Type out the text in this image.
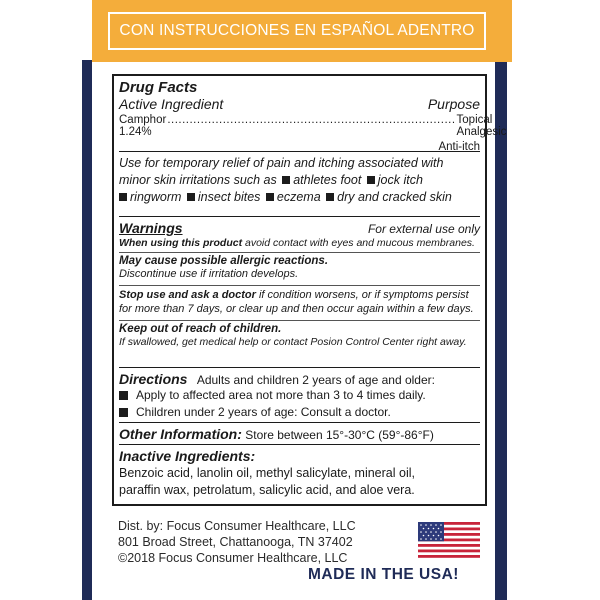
CON INSTRUCCIONES EN ESPAÑOL ADENTRO
Drug Facts
Active Ingredient	Purpose
Camphor 1.24%
.............................................................................. Topical Analgesic
Anti-itch
Use for temporary relief of pain and itching associated with
minor skin irritations such as athletes foot jock itch
ringworm insect bites eczema dry and cracked skin
Warnings	For external use only
When using this product avoid contact with eyes and mucous membranes.
May cause possible allergic reactions.
Discontinue use if irritation develops.
Stop use and ask a doctor if condition worsens, or if symptoms persist for more than 7 days, or clear up and then occur again within a few days.
Keep out of reach of children.
If swallowed, get medical help or contact Posion Control Center right away.
Directions Adults and children 2 years of age and older:
Apply to affected area not more than 3 to 4 times daily.
Children under 2 years of age: Consult a doctor.
Other Information: Store between 15°-30°C (59°-86°F)
Inactive Ingredients:
Benzoic acid, lanolin oil, methyl salicylate, mineral oil,
paraffin wax, petrolatum, salicylic acid, and aloe vera.
Dist. by: Focus Consumer Healthcare, LLC
801 Broad Street, Chattanooga, TN 37402
©2018 Focus Consumer Healthcare, LLC
MADE IN THE USA!
